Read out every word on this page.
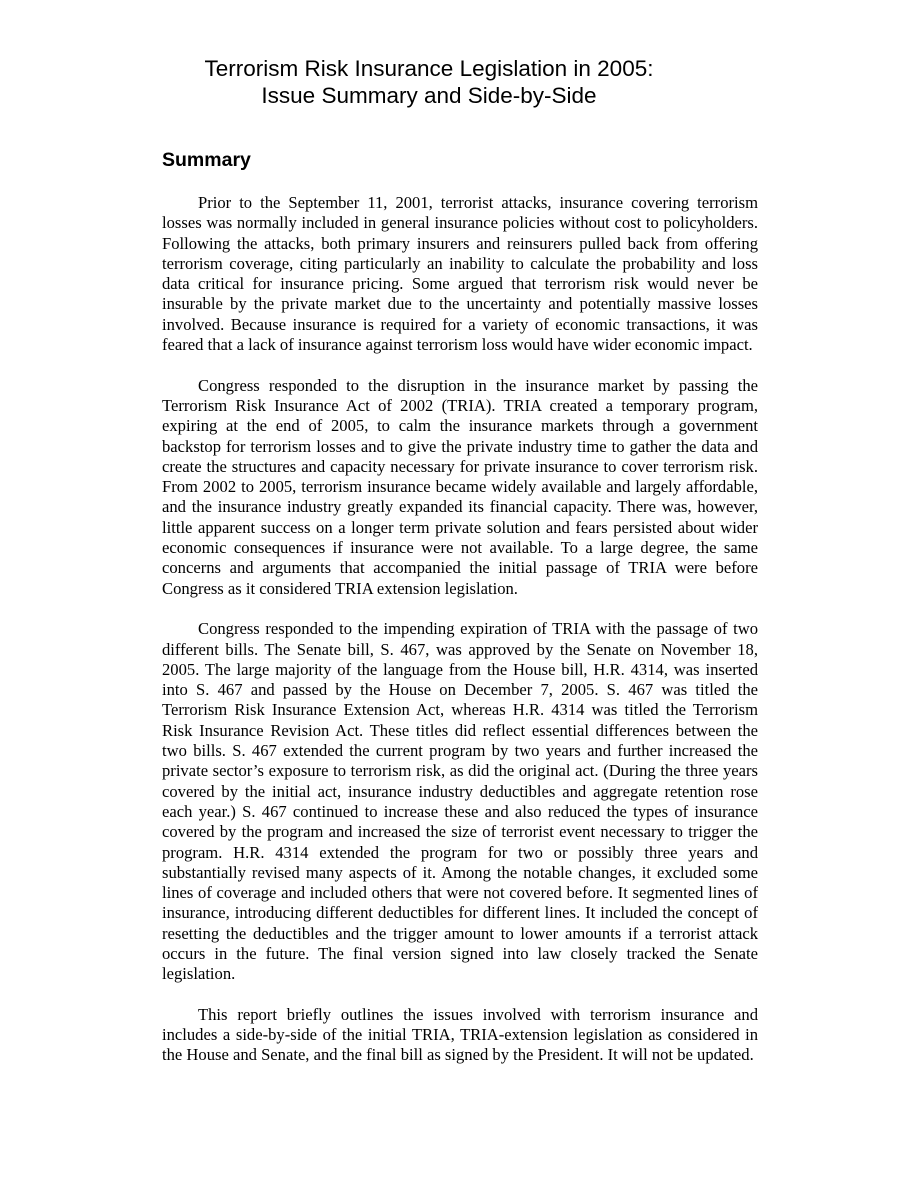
Terrorism Risk Insurance Legislation in 2005:
Issue Summary and Side-by-Side
Summary

Prior to the September 11, 2001, terrorist attacks, insurance covering terrorism losses was normally included in general insurance policies without cost to policyholders. Following the attacks, both primary insurers and reinsurers pulled back from offering terrorism coverage, citing particularly an inability to calculate the probability and loss data critical for insurance pricing. Some argued that terrorism risk would never be insurable by the private market due to the uncertainty and potentially massive losses involved. Because insurance is required for a variety of economic transactions, it was feared that a lack of insurance against terrorism loss would have wider economic impact.

Congress responded to the disruption in the insurance market by passing the Terrorism Risk Insurance Act of 2002 (TRIA). TRIA created a temporary program, expiring at the end of 2005, to calm the insurance markets through a government backstop for terrorism losses and to give the private industry time to gather the data and create the structures and capacity necessary for private insurance to cover terrorism risk. From 2002 to 2005, terrorism insurance became widely available and largely affordable, and the insurance industry greatly expanded its financial capacity. There was, however, little apparent success on a longer term private solution and fears persisted about wider economic consequences if insurance were not available. To a large degree, the same concerns and arguments that accompanied the initial passage of TRIA were before Congress as it considered TRIA extension legislation.

Congress responded to the impending expiration of TRIA with the passage of two different bills. The Senate bill, S. 467, was approved by the Senate on November 18, 2005. The large majority of the language from the House bill, H.R. 4314, was inserted into S. 467 and passed by the House on December 7, 2005. S. 467 was titled the Terrorism Risk Insurance Extension Act, whereas H.R. 4314 was titled the Terrorism Risk Insurance Revision Act. These titles did reflect essential differences between the two bills. S. 467 extended the current program by two years and further increased the private sector’s exposure to terrorism risk, as did the original act. (During the three years covered by the initial act, insurance industry deductibles and aggregate retention rose each year.) S. 467 continued to increase these and also reduced the types of insurance covered by the program and increased the size of terrorist event necessary to trigger the program. H.R. 4314 extended the program for two or possibly three years and substantially revised many aspects of it. Among the notable changes, it excluded some lines of coverage and included others that were not covered before. It segmented lines of insurance, introducing different deductibles for different lines. It included the concept of resetting the deductibles and the trigger amount to lower amounts if a terrorist attack occurs in the future. The final version signed into law closely tracked the Senate legislation.

This report briefly outlines the issues involved with terrorism insurance and includes a side-by-side of the initial TRIA, TRIA-extension legislation as considered in the House and Senate, and the final bill as signed by the President. It will not be updated.
